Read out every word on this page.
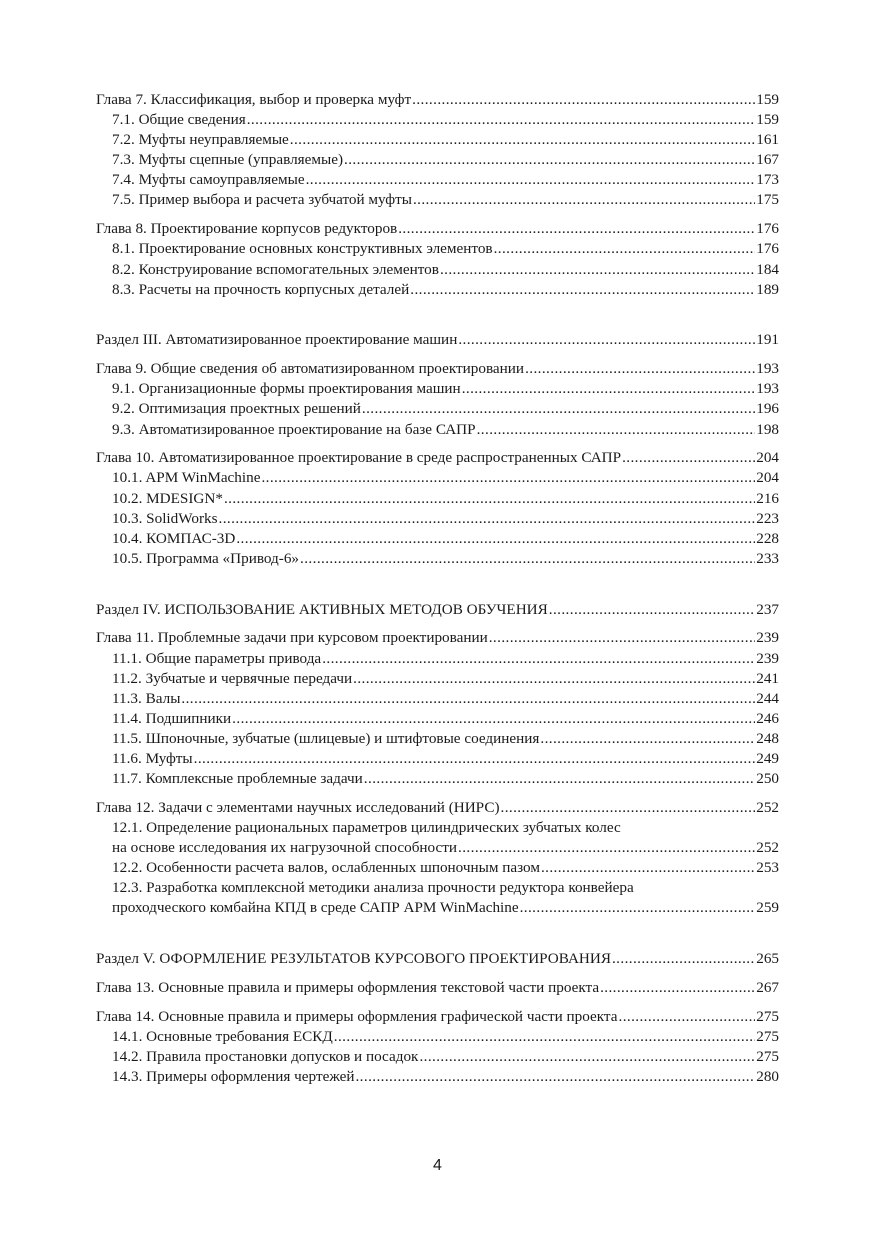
Глава 7. Классификация, выбор и проверка муфт .....	159
7.1. Общие сведения .....	159
7.2. Муфты неуправляемые .....	161
7.3. Муфты сцепные (управляемые) .....	167
7.4. Муфты самоуправляемые .....	173
7.5. Пример выбора и расчета зубчатой муфты .....	175
Глава 8. Проектирование корпусов редукторов .....	176
8.1. Проектирование основных конструктивных элементов .....	176
8.2. Конструирование вспомогательных элементов .....	184
8.3. Расчеты на прочность корпусных деталей .....	189
Раздел III. Автоматизированное проектирование машин .....	191
Глава 9. Общие сведения об автоматизированном проектировании .....	193
9.1. Организационные формы проектирования машин .....	193
9.2. Оптимизация проектных решений .....	196
9.3. Автоматизированное проектирование на базе САПР .....	198
Глава 10. Автоматизированное проектирование в среде распространенных САПР .....	204
10.1. APM WinMachine .....	204
10.2. MDESIGN* .....	216
10.3. SolidWorks .....	223
10.4. КОМПАС-3D .....	228
10.5. Программа «Привод-6» .....	233
Раздел IV. ИСПОЛЬЗОВАНИЕ АКТИВНЫХ МЕТОДОВ ОБУЧЕНИЯ .....	237
Глава 11. Проблемные задачи при курсовом проектировании .....	239
11.1. Общие параметры привода .....	239
11.2. Зубчатые и червячные передачи .....	241
11.3. Валы .....	244
11.4. Подшипники .....	246
11.5. Шпоночные, зубчатые (шлицевые) и штифтовые соединения .....	248
11.6. Муфты .....	249
11.7. Комплексные проблемные задачи .....	250
Глава 12. Задачи с элементами научных исследований (НИРС) .....	252
12.1. Определение рациональных параметров цилиндрических зубчатых колес
на основе исследования их нагрузочной способности .....	252
12.2. Особенности расчета валов, ослабленных шпоночным пазом .....	253
12.3. Разработка комплексной методики анализа прочности редуктора конвейера
проходческого комбайна КПД в среде САПР APM WinMachine .....	259
Раздел V. ОФОРМЛЕНИЕ РЕЗУЛЬТАТОВ КУРСОВОГО ПРОЕКТИРОВАНИЯ .....	265
Глава 13. Основные правила и примеры оформления текстовой части проекта .....	267
Глава 14. Основные правила и примеры оформления графической части проекта .....	275
14.1. Основные требования ЕСКД .....	275
14.2. Правила простановки допусков и посадок .....	275
14.3. Примеры оформления чертежей .....	280
4
